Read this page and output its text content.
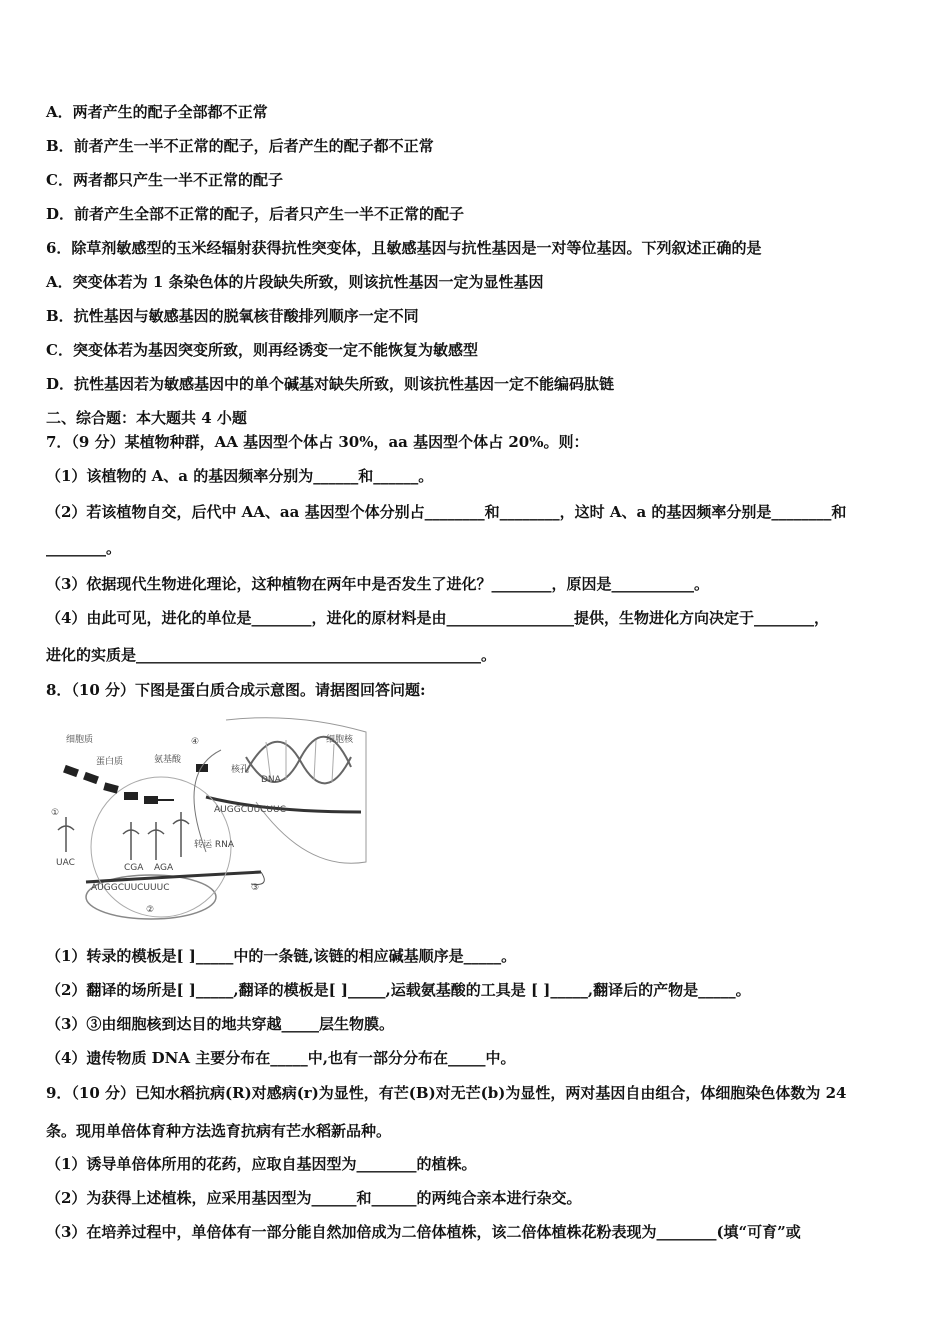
A．两者产生的配子全部都不正常
B．前者产生一半不正常的配子，后者产生的配子都不正常
C．两者都只产生一半不正常的配子
D．前者产生全部不正常的配子，后者只产生一半不正常的配子
6．除草剂敏感型的玉米经辐射获得抗性突变体，且敏感基因与抗性基因是一对等位基因。下列叙述正确的是
A．突变体若为 1 条染色体的片段缺失所致，则该抗性基因一定为显性基因
B．抗性基因与敏感基因的脱氧核苷酸排列顺序一定不同
C．突变体若为基因突变所致，则再经诱变一定不能恢复为敏感型
D．抗性基因若为敏感基因中的单个碱基对缺失所致，则该抗性基因一定不能编码肽链
二、综合题：本大题共 4 小题
7．（9 分）某植物种群，AA 基因型个体占 30%，aa 基因型个体占 20%。则：
（1）该植物的 A、a 的基因频率分别为______和______。
（2）若该植物自交，后代中 AA、aa 基因型个体分别占________和________，这时 A、a 的基因频率分别是________和
________。
（3）依据现代生物进化理论，这种植物在两年中是否发生了进化？________，原因是___________。
（4）由此可见，进化的单位是________，进化的原材料是由_________________提供，生物进化方向决定于________，
进化的实质是______________________________________________。
8．（10 分）下图是蛋白质合成示意图。请据图回答问题:
细胞质
蛋白质	氨基酸
④	细胞核
核孔
DNA
AUGGCUUCUUC
①
UAC	CGA AGA
转运 RNA
AUGGCUUCUUUC	③
②
（1）转录的模板是[ ]_____中的一条链,该链的相应碱基顺序是_____。
（2）翻译的场所是[ ]_____,翻译的模板是[ ]_____,运载氨基酸的工具是 [ ]_____,翻译后的产物是_____。
（3）③由细胞核到达目的地共穿越_____层生物膜。
（4）遗传物质 DNA 主要分布在_____中,也有一部分分布在_____中。
9．（10 分）已知水稻抗病(R)对感病(r)为显性，有芒(B)对无芒(b)为显性，两对基因自由组合，体细胞染色体数为 24
条。现用单倍体育种方法选育抗病有芒水稻新品种。
（1）诱导单倍体所用的花药，应取自基因型为________的植株。
（2）为获得上述植株，应采用基因型为______和______的两纯合亲本进行杂交。
（3）在培养过程中，单倍体有一部分能自然加倍成为二倍体植株，该二倍体植株花粉表现为________(填“可育”或
